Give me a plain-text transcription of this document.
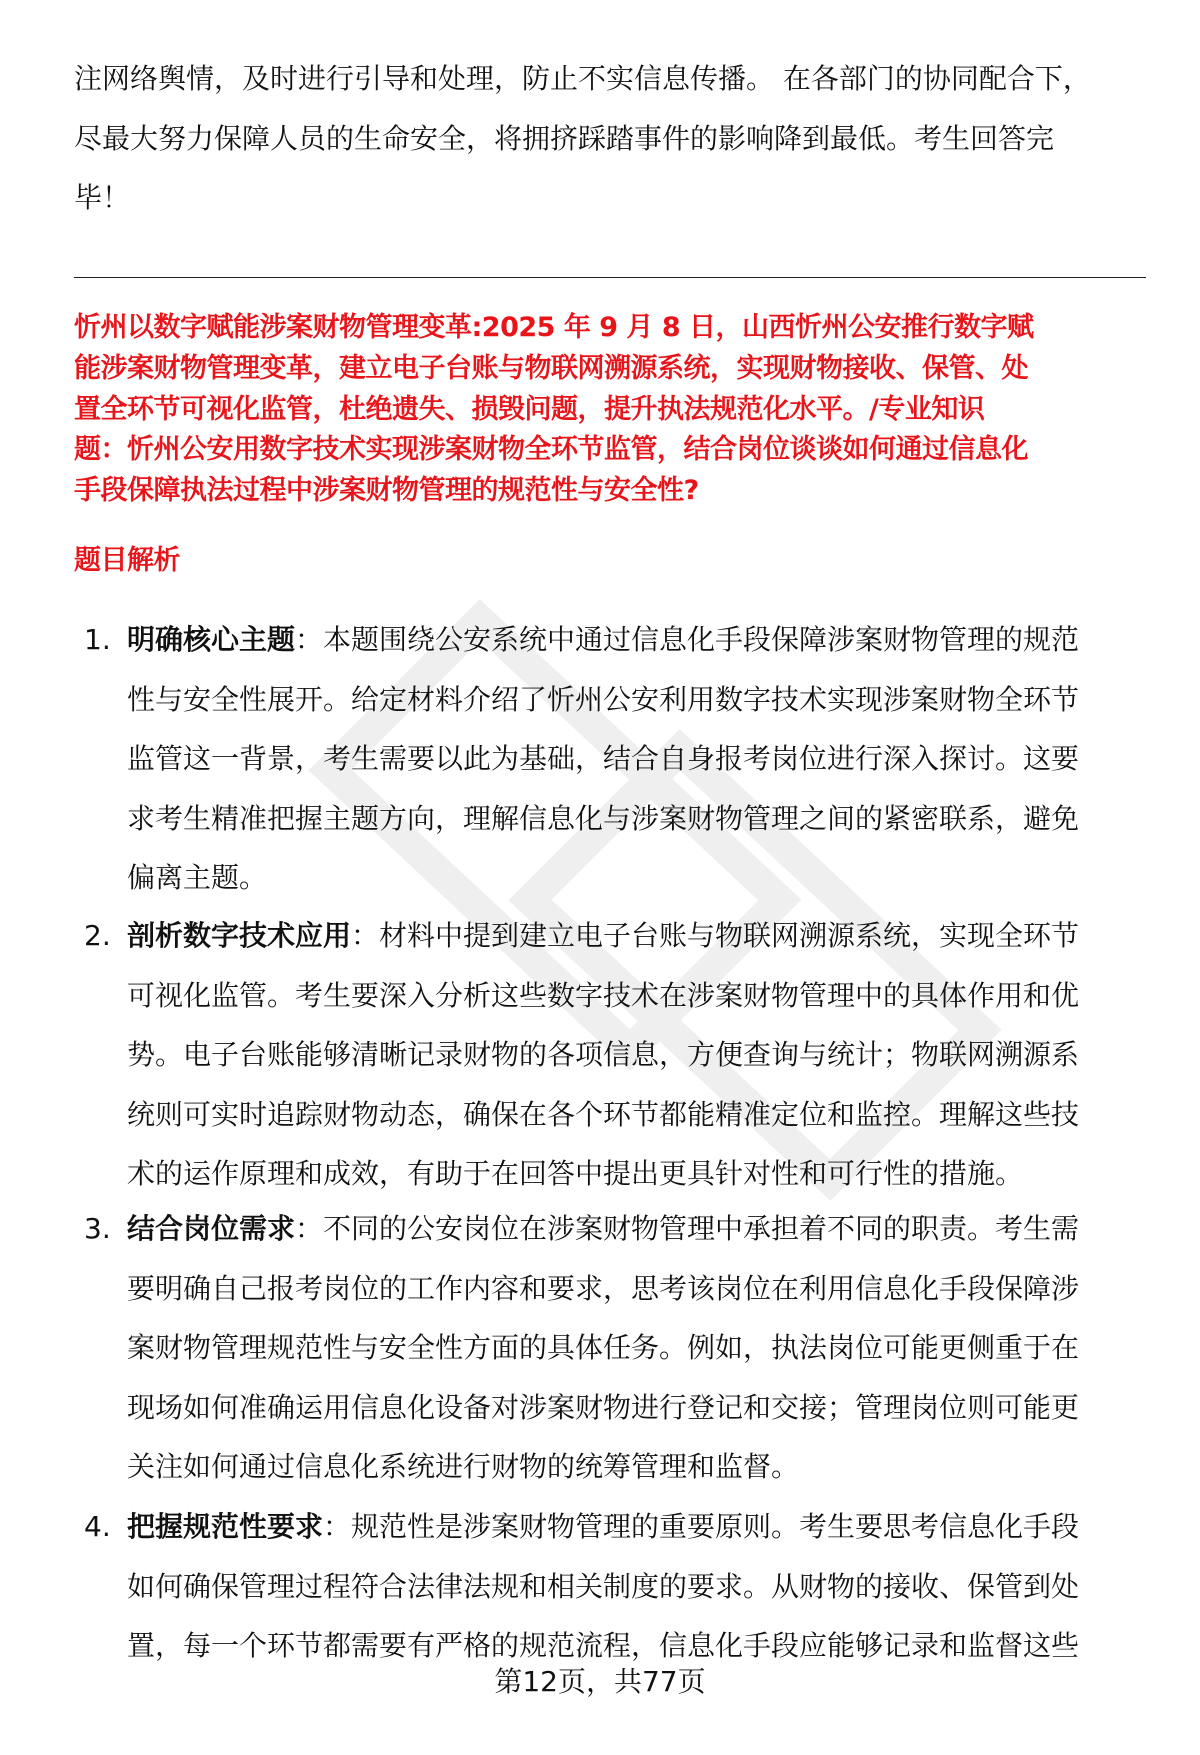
注网络舆情，及时进行引导和处理，防止不实信息传播。 在各部门的协同配合下，
尽最大努力保障人员的生命安全，将拥挤踩踏事件的影响降到最低。考生回答完
毕！
忻州以数字赋能涉案财物管理变革:2025 年 9 月 8 日，山西忻州公安推行数字赋
能涉案财物管理变革，建立电子台账与物联网溯源系统，实现财物接收、保管、处
置全环节可视化监管，杜绝遗失、损毁问题，提升执法规范化水平。/专业知识
题：忻州公安用数字技术实现涉案财物全环节监管，结合岗位谈谈如何通过信息化
手段保障执法过程中涉案财物管理的规范性与安全性?
题目解析
1. 明确核心主题：本题围绕公安系统中通过信息化手段保障涉案财物管理的规范
性与安全性展开。给定材料介绍了忻州公安利用数字技术实现涉案财物全环节
监管这一背景，考生需要以此为基础，结合自身报考岗位进行深入探讨。这要
求考生精准把握主题方向，理解信息化与涉案财物管理之间的紧密联系，避免
偏离主题。
2. 剖析数字技术应用：材料中提到建立电子台账与物联网溯源系统，实现全环节
可视化监管。考生要深入分析这些数字技术在涉案财物管理中的具体作用和优
势。电子台账能够清晰记录财物的各项信息，方便查询与统计；物联网溯源系
统则可实时追踪财物动态，确保在各个环节都能精准定位和监控。理解这些技
术的运作原理和成效，有助于在回答中提出更具针对性和可行性的措施。
3. 结合岗位需求：不同的公安岗位在涉案财物管理中承担着不同的职责。考生需
要明确自己报考岗位的工作内容和要求，思考该岗位在利用信息化手段保障涉
案财物管理规范性与安全性方面的具体任务。例如，执法岗位可能更侧重于在
现场如何准确运用信息化设备对涉案财物进行登记和交接；管理岗位则可能更
关注如何通过信息化系统进行财物的统筹管理和监督。
4. 把握规范性要求：规范性是涉案财物管理的重要原则。考生要思考信息化手段
如何确保管理过程符合法律法规和相关制度的要求。从财物的接收、保管到处
置，每一个环节都需要有严格的规范流程，信息化手段应能够记录和监督这些
第12页，共77页
